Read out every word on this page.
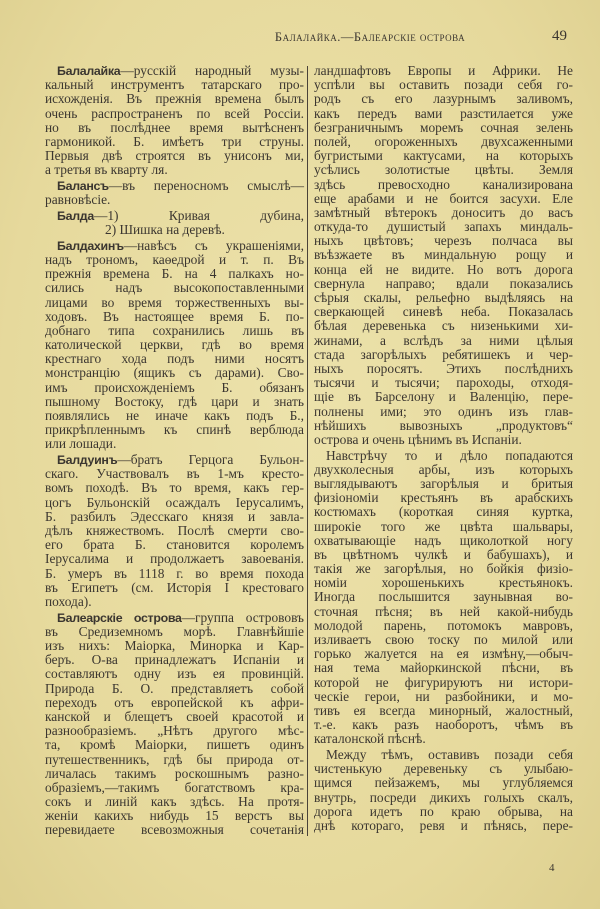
Балалайка.—Балеарскіе острова	49
Балалайка—русскій народный музы-
кальный инструментъ татарскаго про-
исхожденія. Въ прежнія времена былъ
очень распространенъ по всей Россіи.
но въ послѣднее время вытѣсненъ
гармоникой. Б. имѣетъ три струны.
Первыя двѣ строятся въ унисонъ ми,
а третья въ кварту ля.
Балансъ—въ переносномъ смыслѣ—
равновѣсіе.
Балда—1) Кривая дубина,
2) Шишка на деревѣ.
Балдахинъ—навѣсъ съ украшеніями,
надъ трономъ, каѳедрой и т. п. Въ
прежнія времена Б. на 4 палкахъ но-
сились надъ высокопоставленными
лицами во время торжественныхъ вы-
ходовъ. Въ настоящее время Б. по-
добнаго типа сохранились лишь въ
католической церкви, гдѣ во время
крестнаго хода подъ ними носятъ
монстранцію (ящикъ съ дарами). Сво-
имъ происхожденіемъ Б. обязанъ
пышному Востоку, гдѣ цари и знать
появлялись не иначе какъ подъ Б.,
прикрѣпленнымъ къ спинѣ верблюда
или лошади.
Балдуинъ—братъ Герцога Бульон-
скаго. Участвовалъ въ 1-мъ кресто-
вомъ походѣ. Въ то время, какъ гер-
цогъ Бульонскій осаждалъ Іерусалимъ,
Б. разбилъ Эдесскаго князя и завла-
дѣлъ княжествомъ. Послѣ смерти сво-
его брата Б. становится королемъ
Іерусалима и продолжаетъ завоеванія.
Б. умеръ въ 1118 г. во время похода
въ Египетъ (см. Исторія I крестоваго
похода).
Балеарскіе острова—группа острововъ
въ Средиземномъ морѣ. Главнѣйшіе
изъ нихъ: Маіорка, Минорка и Кар-
беръ. О-ва принадлежатъ Испаніи и
составляютъ одну изъ ея провинцій.
Природа Б. О. представляетъ собой
переходъ отъ европейской къ афри-
канской и блещетъ своей красотой и
разнообразіемъ. „Нѣтъ другого мѣс-
та, кромѣ Маіорки, пишетъ одинъ
путешественникъ, гдѣ бы природа от-
личалась такимъ роскошнымъ разно-
образіемъ,—такимъ богатствомъ кра-
сокъ и линій какъ здѣсь. На протя-
женіи какихъ нибудь 15 верстъ вы
перевидаете всевозможныя сочетанія
ландшафтовъ Европы и Африки. Не
успѣли вы оставить позади себя го-
родъ съ его лазурнымъ заливомъ,
какъ передъ вами разстилается уже
безграничнымъ моремъ сочная зелень
полей, огороженныхъ двухсаженными
бугристыми кактусами, на которыхъ
усѣлись золотистые цвѣты. Земля
здѣсь превосходно канализирована
еще арабами и не боится засухи. Еле
замѣтный вѣтерокъ доноситъ до васъ
откуда-то душистый запахъ миндаль-
ныхъ цвѣтовъ; черезъ полчаса вы
въѣзжаете въ миндальную рощу и
конца ей не видите. Но вотъ дорога
свернула направо; вдали показались
сѣрыя скалы, рельефно выдѣляясь на
сверкающей синевѣ неба. Показалась
бѣлая деревенька съ низенькими хи-
жинами, а вслѣдъ за ними цѣлыя
стада загорѣлыхъ ребятишекъ и чер-
ныхъ поросятъ. Этихъ послѣднихъ
тысячи и тысячи; пароходы, отходя-
щіе въ Барселону и Валенцію, пере-
полнены ими; это одинъ изъ глав-
нѣйшихъ вывозныхъ „продуктовъ“
острова и очень цѣнимъ въ Испаніи.
Навстрѣчу то и дѣло попадаются
двухколесныя арбы, изъ которыхъ
выглядываютъ загорѣлыя и бритыя
физіономіи крестьянъ въ арабскихъ
костюмахъ (короткая синяя куртка,
широкіе того же цвѣта шальвары,
охватывающіе надъ щиколоткой ногу
въ цвѣтномъ чулкѣ и бабушахъ), и
такія же загорѣлыя, но бойкія физіо-
номіи хорошенькихъ крестьянокъ.
Иногда послышится заунывная во-
сточная пѣсня; въ ней какой-нибудь
молодой парень, потомокъ мавровъ,
изливаетъ свою тоску по милой или
горько жалуется на ея измѣну,—обыч-
ная тема майоркинской пѣсни, въ
которой не фигурируютъ ни истори-
ческіе герои, ни разбойники, и мо-
тивъ ея всегда минорный, жалостный,
т.-е. какъ разъ наоборотъ, чѣмъ въ
каталонской пѣснѣ.
Между тѣмъ, оставивъ позади себя
чистенькую деревеньку съ улыбаю-
щимся пейзажемъ, мы углубляемся
внутрь, посреди дикихъ голыхъ скалъ,
дорога идетъ по краю обрыва, на
днѣ котораго, ревя и пѣнясь, пере-
4
